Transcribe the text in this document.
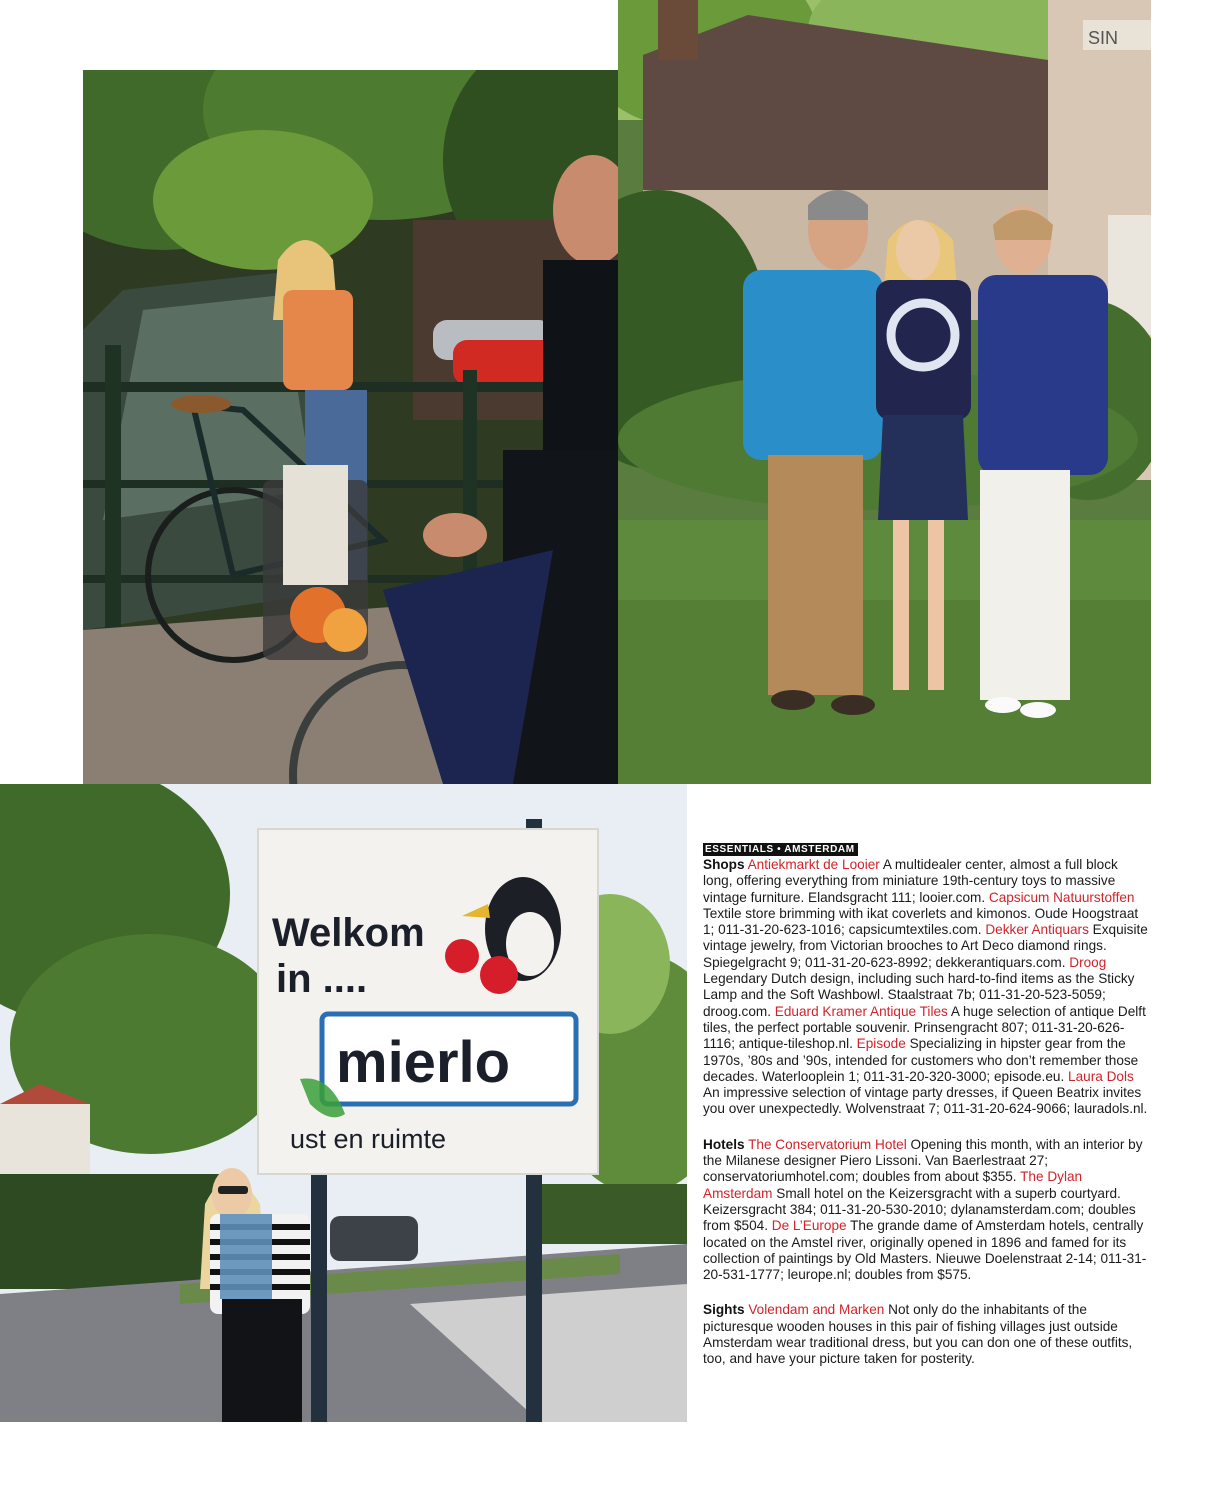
SIN
Welkom
in ....
mierlo
ust en ruimte
ESSENTIALS • AMSTERDAM

Shops Antiekmarkt de Looier A multidealer center, almost a full block long, offering everything from miniature 19th-century toys to massive vintage furniture. Elandsgracht 111; looier.com. Capsicum Natuurstoffen Textile store brimming with ikat coverlets and kimonos. Oude Hoogstraat 1; 011-31-20-623-1016; capsicumtextiles.com. Dekker Antiquars Exquisite vintage jewelry, from Victorian brooches to Art Deco diamond rings. Spiegelgracht 9; 011-31-20-623-8992; dekkerantiquars.com. Droog Legendary Dutch design, including such hard-to-find items as the Sticky Lamp and the Soft Washbowl. Staalstraat 7b; 011-31-20-523-5059; droog.com. Eduard Kramer Antique Tiles A huge selection of antique Delft tiles, the perfect portable souvenir. Prinsengracht 807; 011-31-20-626-1116; antique-tileshop.nl. Episode Specializing in hipster gear from the 1970s, ’80s and ’90s, intended for customers who don’t remember those decades. Waterlooplein 1; 011-31-20-320-3000; episode.eu. Laura Dols An impressive selection of vintage party dresses, if Queen Beatrix invites you over unexpectedly. Wolvenstraat 7; 011-31-20-624-9066; lauradols.nl.

Hotels The Conservatorium Hotel Opening this month, with an interior by the Milanese designer Piero Lissoni. Van Baerlestraat 27; conservatoriumhotel.com; doubles from about $355. The Dylan Amsterdam Small hotel on the Keizersgracht with a superb courtyard. Keizersgracht 384; 011-31-20-530-2010; dylanamsterdam.com; doubles from $504. De L’Europe The grande dame of Amsterdam hotels, centrally located on the Amstel river, originally opened in 1896 and famed for its collection of paintings by Old Masters. Nieuwe Doelenstraat 2-14; 011-31-20-531-1777; leurope.nl; doubles from $575.

Sights Volendam and Marken Not only do the inhabitants of the picturesque wooden houses in this pair of fishing villages just outside Amsterdam wear traditional dress, but you can don one of these outfits, too, and have your picture taken for posterity.
